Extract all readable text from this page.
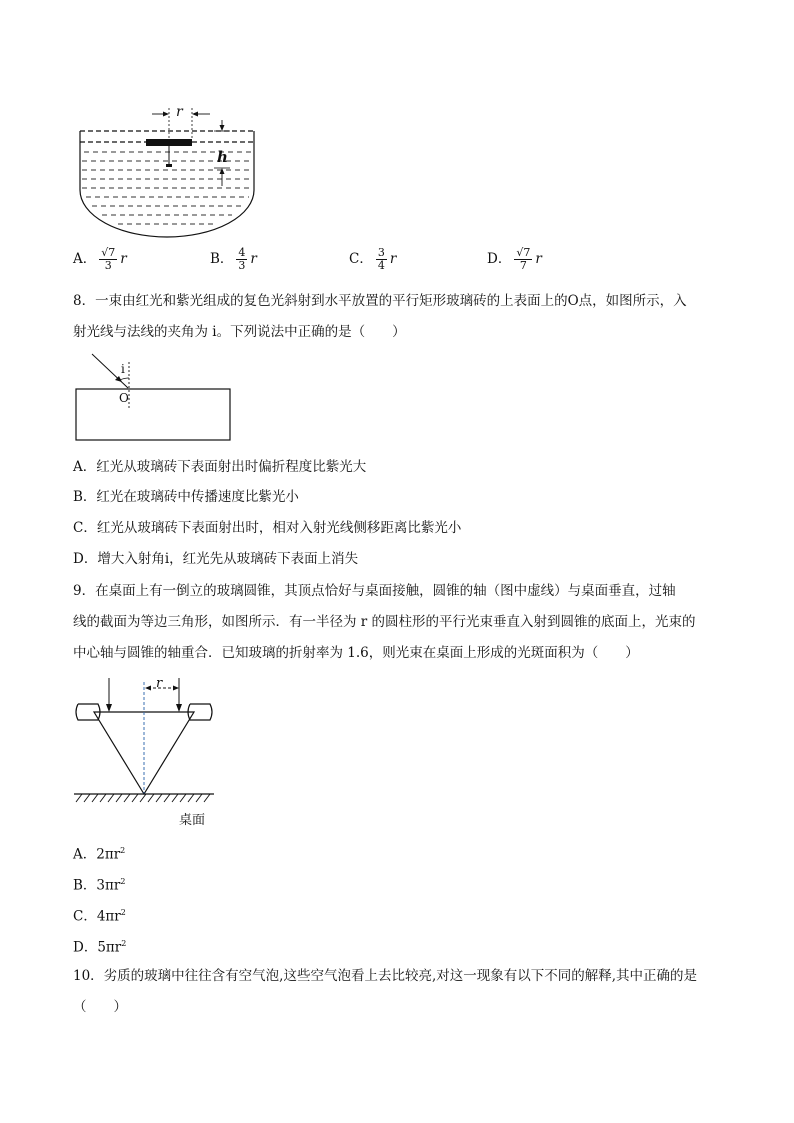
r
h
A． $\frac{√7}{3}$ r	B． $\frac{4}{3}$ r	C． $\frac{3}{4}$ r	D． $\frac{√7}{7}$ r
8．一束由红光和紫光组成的复色光斜射到水平放置的平行矩形玻璃砖的上表面上的O点，如图所示，入
射光线与法线的夹角为 i。下列说法中正确的是（　　）
i
O
A．红光从玻璃砖下表面射出时偏折程度比紫光大
B．红光在玻璃砖中传播速度比紫光小
C．红光从玻璃砖下表面射出时，相对入射光线侧移距离比紫光小
D．增大入射角i，红光先从玻璃砖下表面上消失
9．在桌面上有一倒立的玻璃圆锥，其顶点恰好与桌面接触，圆锥的轴（图中虚线）与桌面垂直，过轴
线的截面为等边三角形，如图所示．有一半径为 r 的圆柱形的平行光束垂直入射到圆锥的底面上，光束的
中心轴与圆锥的轴重合．已知玻璃的折射率为 1.6，则光束在桌面上形成的光斑面积为（　　）
r
桌面
A．$2\pi r^2$
B．$3\pi r^2$
C．$4\pi r^2$
D．$5\pi r^2$
10．劣质的玻璃中往往含有空气泡,这些空气泡看上去比较亮,对这一现象有以下不同的解释,其中正确的是
（　　）
